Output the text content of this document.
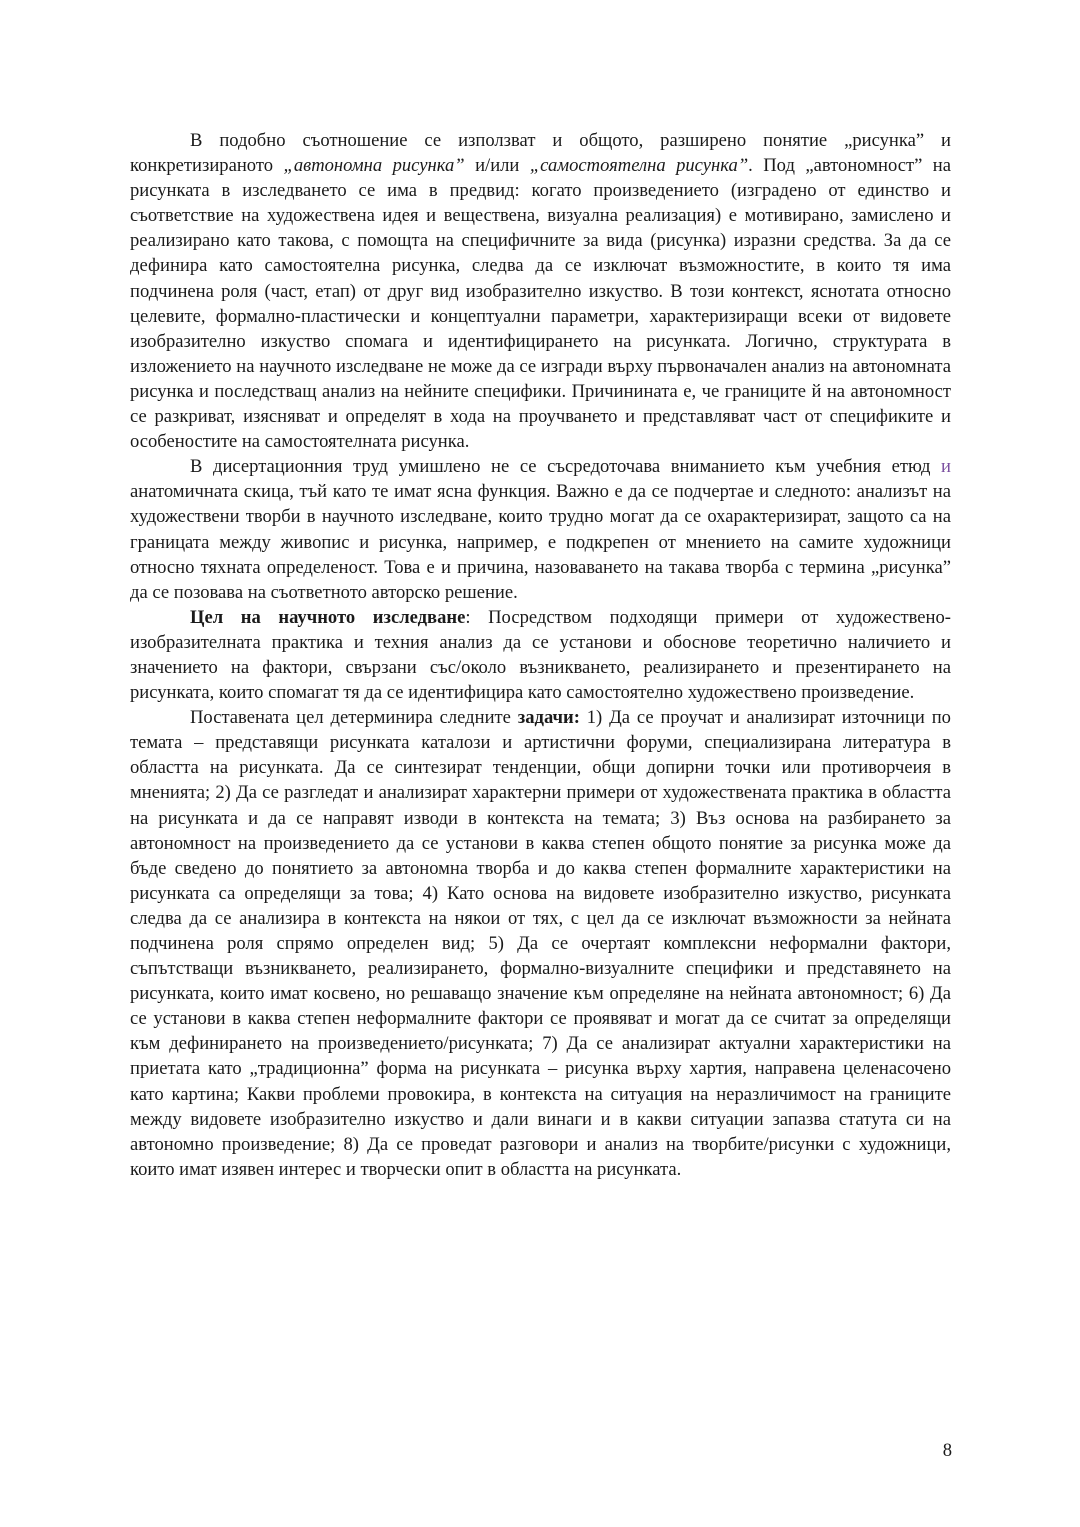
В подобно съотношение се използват и общото, разширено понятие „рисунка” и конкретизираното „автономна рисунка” и/или „самостоятелна рисунка”. Под „автономност” на рисунката в изследването се има в предвид: когато произведението (изградено от единство и съответствие на художествена идея и веществена, визуална реализация) е мотивирано, замислено и реализирано като такова, с помощта на специфичните за вида (рисунка) изразни средства. За да се дефинира като самостоятелна рисунка, следва да се изключат възможностите, в които тя има подчинена роля (част, етап) от друг вид изобразително изкуство. В този контекст, яснотата относно целевите, формално-пластически и концептуални параметри, характеризиращи всеки от видовете изобразително изкуство спомага и идентифицирането на рисунката. Логично, структурата в изложението на научното изследване не може да се изгради върху първоначален анализ на автономната рисунка и последстващ анализ на нейните специфики. Причинината е, че границите й на автономност се разкриват, изясняват и определят в хода на проучването и представляват част от спецификите и особеностите на самостоятелната рисунка.

В дисертационния труд умишлено не се съсредоточава вниманието към учебния етюд и анатомичната скица, тъй като те имат ясна функция. Важно е да се подчертае и следното: анализът на художествени творби в научното изследване, които трудно могат да се охарактеризират, защото са на границата между живопис и рисунка, например, е подкрепен от мнението на самите художници относно тяхната определеност. Това е и причина, назоваването на такава творба с термина „рисунка” да се позовава на съответното авторско решение.

Цел на научното изследване: Посредством подходящи примери от художествено-изобразителната практика и техния анализ да се установи и обоснове теоретично наличието и значението на фактори, свързани със/около възникването, реализирането и презентирането на рисунката, които спомагат тя да се идентифицира като самостоятелно художествено произведение.

Поставената цел детерминира следните задачи: 1) Да се проучат и анализират източници по темата – представящи рисунката каталози и артистични форуми, специализирана литература в областта на рисунката. Да се синтезират тенденции, общи допирни точки или противорчеия в мненията; 2) Да се разгледат и анализират характерни примери от художествената практика в областта на рисунката и да се направят изводи в контекста на темата; 3) Въз основа на разбирането за автономност на произведението да се установи в каква степен общото понятие за рисунка може да бъде сведено до понятието за автономна творба и до каква степен формалните характеристики на рисунката са определящи за това; 4) Като основа на видовете изобразително изкуство, рисунката следва да се анализира в контекста на някои от тях, с цел да се изключат възможности за нейната подчинена роля спрямо определен вид; 5) Да се очертаят комплексни неформални фактори, съпътстващи възникването, реализирането, формално-визуалните специфики и представянето на рисунката, които имат косвено, но решаващо значение към определяне на нейната автономност; 6) Да се установи в каква степен неформалните фактори се проявяват и могат да се считат за определящи към дефинирането на произведението/рисунката; 7) Да се анализират актуални характеристики на приетата като „традиционна” форма на рисунката – рисунка върху хартия, направена целенасочено като картина; Какви проблеми провокира, в контекста на ситуация на неразличимост на границите между видовете изобразително изкуство и дали винаги и в какви ситуации запазва статута си на автономно произведение; 8) Да се проведат разговори и анализ на творбите/рисунки с художници, които имат изявен интерес и творчески опит в областта на рисунката.

8
